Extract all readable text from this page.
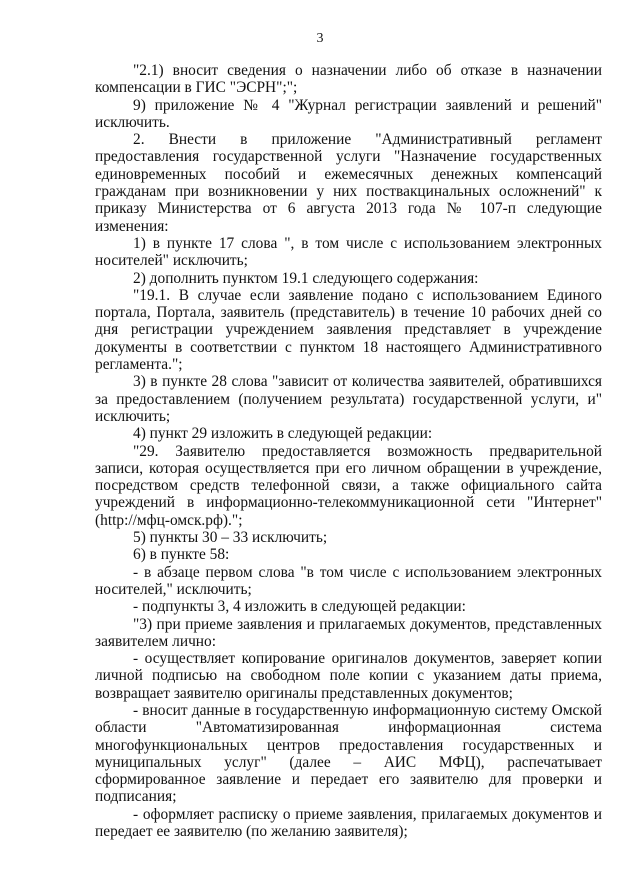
3

"2.1) вносит сведения о назначении либо об отказе в назначении компенсации в ГИС "ЭСРН";";

9) приложение № 4 "Журнал регистрации заявлений и решений" исключить.

2. Внести в приложение "Административный регламент предоставления государственной услуги "Назначение государственных единовременных пособий и ежемесячных денежных компенсаций гражданам при возникновении у них поствакцинальных осложнений" к приказу Министерства от 6 августа 2013 года № 107-п следующие изменения:

1) в пункте 17 слова ", в том числе с использованием электронных носителей" исключить;

2) дополнить пунктом 19.1 следующего содержания:

"19.1. В случае если заявление подано с использованием Единого портала, Портала, заявитель (представитель) в течение 10 рабочих дней со дня регистрации учреждением заявления представляет в учреждение документы в соответствии с пунктом 18 настоящего Административного регламента.";

3) в пункте 28 слова "зависит от количества заявителей, обратившихся за предоставлением (получением результата) государственной услуги, и" исключить;

4) пункт 29 изложить в следующей редакции:

"29. Заявителю предоставляется возможность предварительной записи, которая осуществляется при его личном обращении в учреждение, посредством средств телефонной связи, а также официального сайта учреждений в информационно-телекоммуникационной сети "Интернет" (http://мфц-омск.рф).";

5) пункты 30 – 33 исключить;

6) в пункте 58:

- в абзаце первом слова "в том числе с использованием электронных носителей," исключить;

- подпункты 3, 4 изложить в следующей редакции:

"3) при приеме заявления и прилагаемых документов, представленных заявителем лично:

- осуществляет копирование оригиналов документов, заверяет копии личной подписью на свободном поле копии с указанием даты приема, возвращает заявителю оригиналы представленных документов;

- вносит данные в государственную информационную систему Омской области "Автоматизированная информационная система многофункциональных центров предоставления государственных и муниципальных услуг" (далее – АИС МФЦ), распечатывает сформированное заявление и передает его заявителю для проверки и подписания;

- оформляет расписку о приеме заявления, прилагаемых документов и передает ее заявителю (по желанию заявителя);
